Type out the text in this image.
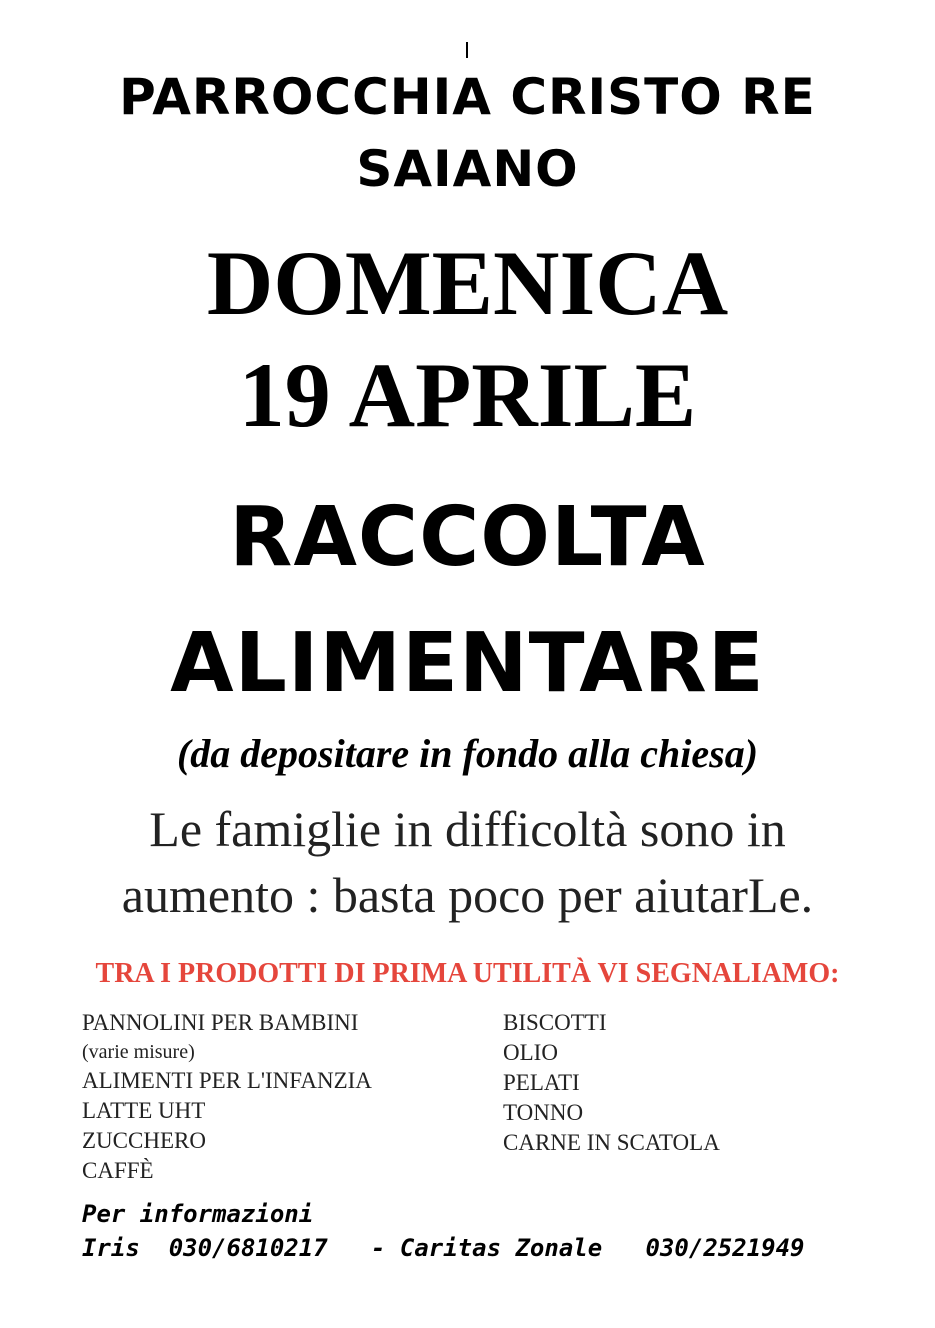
PARROCCHIA CRISTO RE
SAIANO
DOMENICA
19 APRILE
RACCOLTA
ALIMENTARE
(da depositare in fondo alla chiesa)
Le famiglie in difficoltà sono in
aumento : basta poco per aiutarLe.
TRA I PRODOTTI DI PRIMA UTILITÀ VI SEGNALIAMO:
PANNOLINI PER BAMBINI
(varie misure)
ALIMENTI PER L'INFANZIA
LATTE UHT
ZUCCHERO
CAFFÈ
BISCOTTI
OLIO
PELATI
TONNO
CARNE IN SCATOLA
Per informazioni
Iris  030/6810217   - Caritas Zonale   030/2521949
